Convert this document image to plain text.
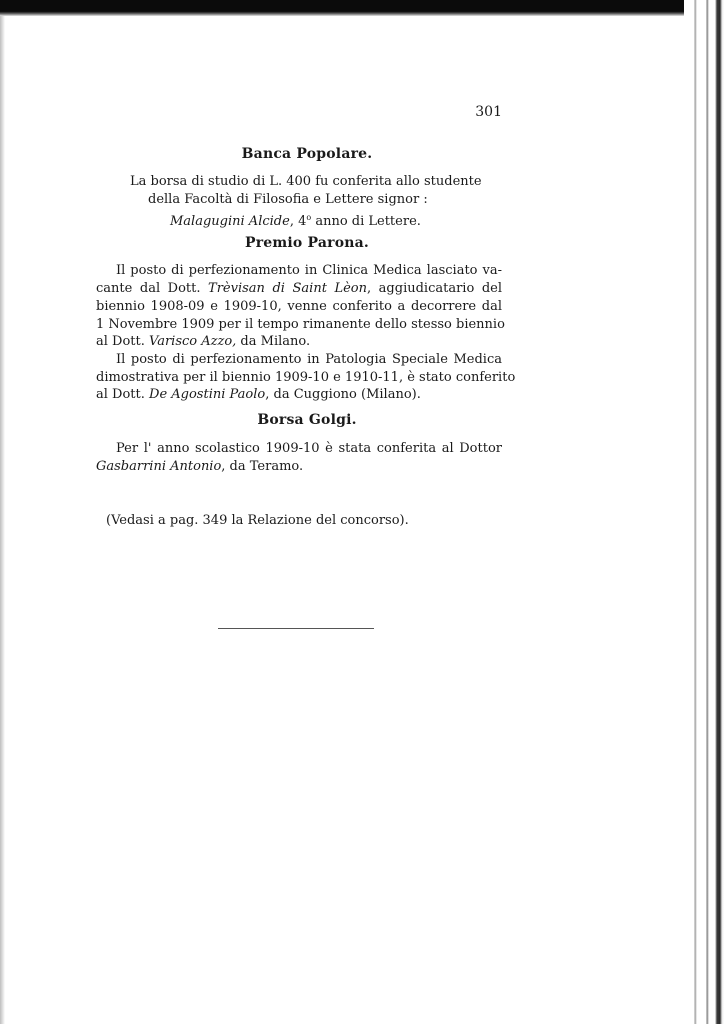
301
Banca Popolare.
La borsa di studio di L. 400 fu conferita allo studente
della Facoltà di Filosofia e Lettere signor :
Malagugini Alcide, 4$^o$ anno di Lettere.
Premio Parona.
Il posto di perfezionamento in Clinica Medica lasciato va-
cante dal Dott. Trèvisan di Saint Lèon, aggiudicatario del
biennio 1908-09 e 1909-10, venne conferito a decorrere dal
1 Novembre 1909 per il tempo rimanente dello stesso biennio
al Dott. Varisco Azzo, da Milano.
Il posto di perfezionamento in Patologia Speciale Medica
dimostrativa per il biennio 1909-10 e 1910-11, è stato conferito
al Dott. De Agostini Paolo, da Cuggiono (Milano).
Borsa Golgi.
Per l' anno scolastico 1909-10 è stata conferita al Dottor
Gasbarrini Antonio, da Teramo.
(Vedasi a pag. 349 la Relazione del concorso).
